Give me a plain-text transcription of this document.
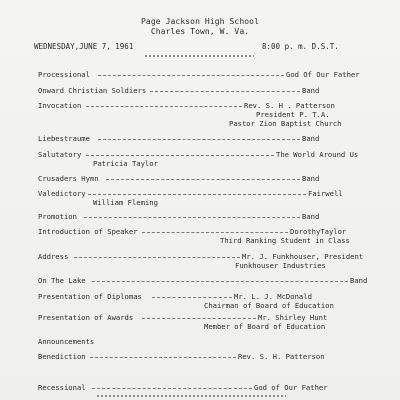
Page Jackson High School
Charles Town, W. Va.
WEDNESDAY,JUNE 7, 1961	8:00 p. m. D.S.T.
Processional	God Of Our Father
Onward Christian Soldiers	Band
Invocation	Rev. S. H . Patterson
President P. T.A.
Pastor Zion Baptist Church
Liebestraume	Band
Salutatory	The World Around Us
Patricia Taylor
Crusaders Hymn	Band
Valedictory	Fairwell
William Fleming
Promotion	Band
Introduction of Speaker	DorothyTaylor
Third Ranking Student in Class
Address	Mr. J. Funkhouser, President
Funkhouser Industries
On The Lake	Band
Presentation of Diplomas	Mr. L. J. McDonald
Chairman of Board of Education
Presentation of Awards	Mr. Shirley Hunt
Member of Board of Education
Announcements
Benediction	Rev. S. H. Patterson
Recessional	God of Our Father
